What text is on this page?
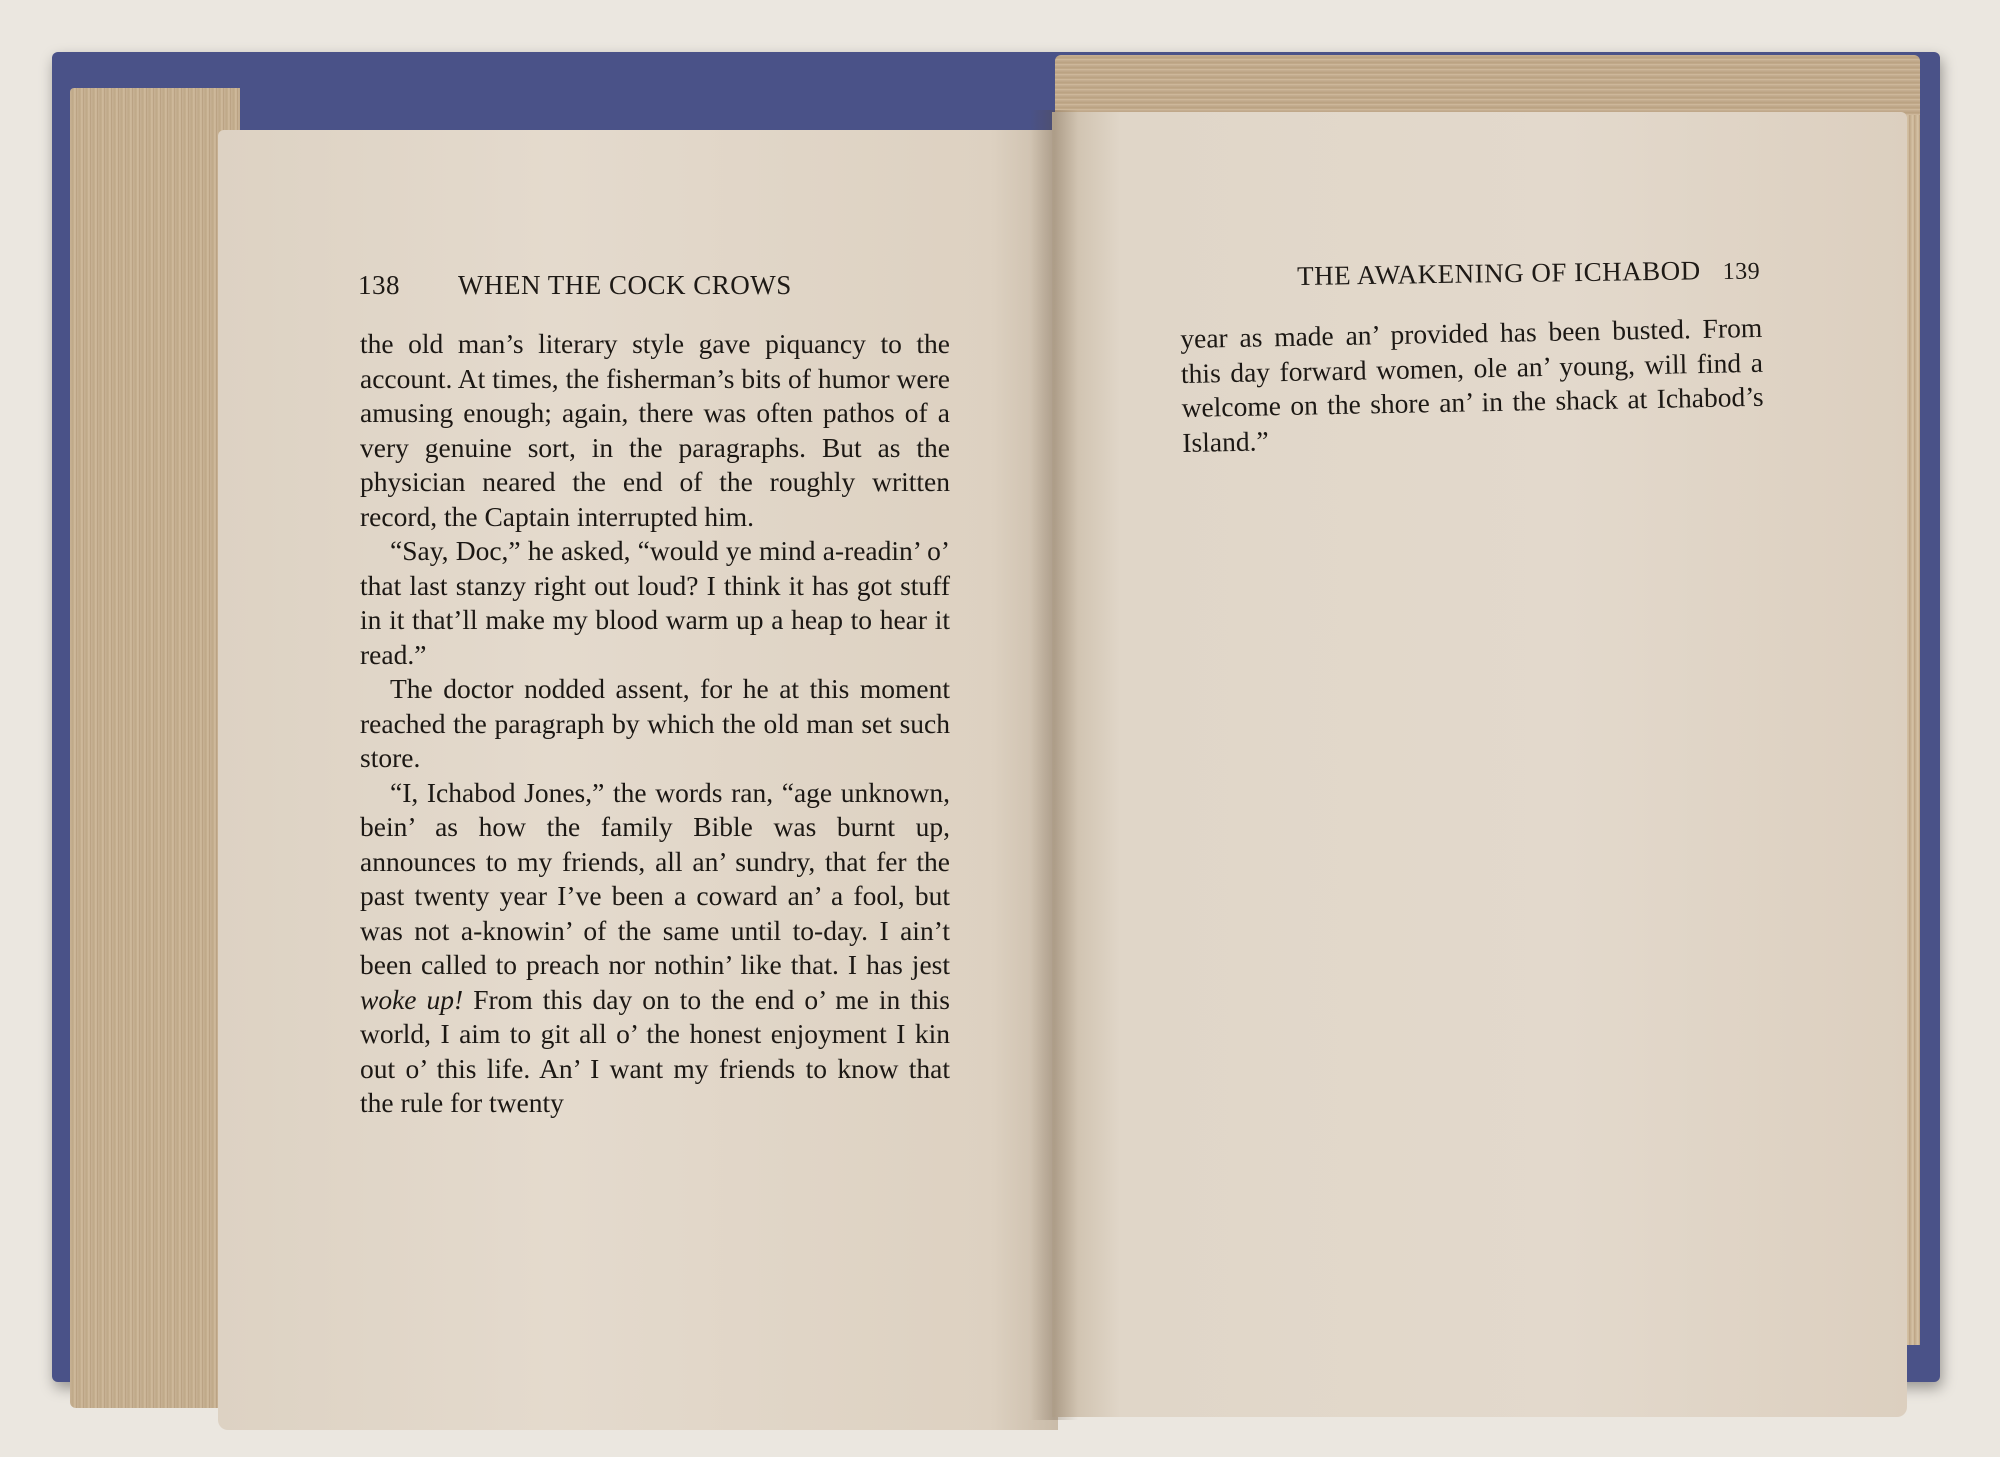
138 WHEN THE COCK CROWS

the old man’s literary style gave piquancy to the account. At times, the fisherman’s bits of humor were amusing enough; again, there was often pathos of a very genuine sort, in the paragraphs. But as the physician neared the end of the roughly written record, the Captain interrupted him.

“Say, Doc,” he asked, “would ye mind a-readin’ o’ that last stanzy right out loud? I think it has got stuff in it that’ll make my blood warm up a heap to hear it read.”

The doctor nodded assent, for he at this moment reached the paragraph by which the old man set such store.

“I, Ichabod Jones,” the words ran, “age unknown, bein’ as how the family Bible was burnt up, announces to my friends, all an’ sundry, that fer the past twenty year I’ve been a coward an’ a fool, but was not a-knowin’ of the same until to-day. I ain’t been called to preach nor nothin’ like that. I has jest woke up! From this day on to the end o’ me in this world, I aim to git all o’ the honest enjoyment I kin out o’ this life. An’ I want my friends to know that the rule for twenty

THE AWAKENING OF ICHABOD 139

year as made an’ provided has been busted. From this day forward women, ole an’ young, will find a welcome on the shore an’ in the shack at Ichabod’s Island.”
